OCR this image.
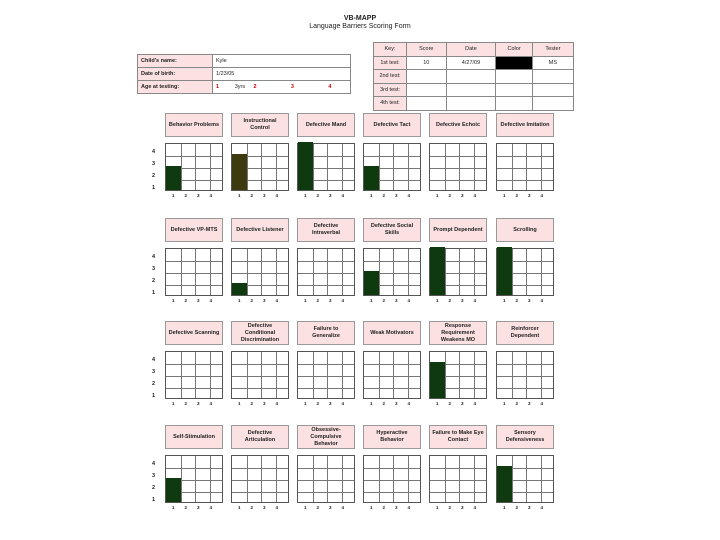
VB-MAPP
Language Barriers Scoring Form
Child's name:	Kyle
Date of birth:	1/23/05
Age at testing:	1 3yrs 2 3 4
Key:	Score	Date	Color	Tester
1st test:	10	4/27/09		MS
2nd test:				
3rd test:				
4th test:				
Behavior Problems
1 2 3 4
4
3
2
1
Instructional Control
1 2 3 4
Defective Mand
1 2 3 4
Defective Tact
1 2 3 4
Defective Echoic
1 2 3 4
Defective Imitation
1 2 3 4
Defective VP-MTS
1 2 3 4
4
3
2
1
Defective Listener
1 2 3 4
Defective Intraverbal
1 2 3 4
Defective Social Skills
1 2 3 4
Prompt Dependent
1 2 3 4
Scrolling
1 2 3 4
Defective Scanning
1 2 3 4
4
3
2
1
Defective Conditional Discrimination
1 2 3 4
Failure to Generalize
1 2 3 4
Weak Motivators
1 2 3 4
Response Requirement Weakens MO
1 2 3 4
Reinforcer Dependent
1 2 3 4
Self-Stimulation
1 2 3 4
4
3
2
1
Defective Articulation
1 2 3 4
Obsessive-Compulsive Behavior
1 2 3 4
Hyperactive Behavior
1 2 3 4
Failure to Make Eye Contact
1 2 3 4
Sensory Defensiveness
1 2 3 4
